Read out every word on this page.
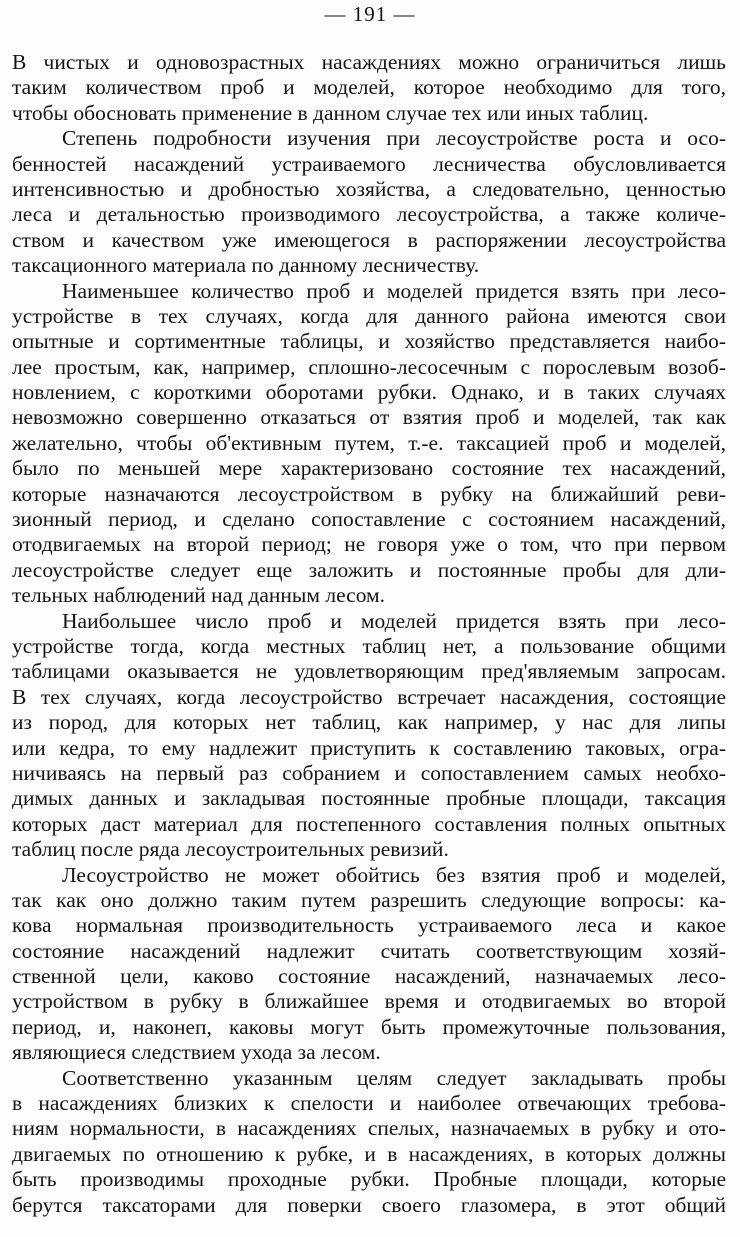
— 191 —
В чистых и одновозрастных насаждениях можно ограничиться лишь
таким количеством проб и моделей, которое необходимо для того,
чтобы обосновать применение в данном случае тех или иных таблиц.
Степень подробности изучения при лесоустройстве роста и осо-
бенностей насаждений устраиваемого лесничества обусловливается
интенсивностью и дробностью хозяйства, а следовательно, ценностью
леса и детальностью производимого лесоустройства, а также количе-
ством и качеством уже имеющегося в распоряжении лесоустройства
таксационного материала по данному лесничеству.
Наименьшее количество проб и моделей придется взять при лесо-
устройстве в тех случаях, когда для данного района имеются свои
опытные и сортиментные таблицы, и хозяйство представляется наибо-
лее простым, как, например, сплошно-лесосечным с порослевым возоб-
новлением, с короткими оборотами рубки. Однако, и в таких случаях
невозможно совершенно отказаться от взятия проб и моделей, так как
желательно, чтобы об'ективным путем, т.-е. таксацией проб и моделей,
было по меньшей мере характеризовано состояние тех насаждений,
которые назначаются лесоустройством в рубку на ближайший реви-
зионный период, и сделано сопоставление с состоянием насаждений,
отодвигаемых на второй период; не говоря уже о том, что при первом
лесоустройстве следует еще заложить и постоянные пробы для дли-
тельных наблюдений над данным лесом.
Наибольшее число проб и моделей придется взять при лесо-
устройстве тогда, когда местных таблиц нет, а пользование общими
таблицами оказывается не удовлетворяющим пред'являемым запросам.
В тех случаях, когда лесоустройство встречает насаждения, состоящие
из пород, для которых нет таблиц, как например, у нас для липы
или кедра, то ему надлежит приступить к составлению таковых, огра-
ничиваясь на первый раз собранием и сопоставлением самых необхо-
димых данных и закладывая постоянные пробные площади, таксация
которых даст материал для постепенного составления полных опытных
таблиц после ряда лесоустроительных ревизий.
Лесоустройство не может обойтись без взятия проб и моделей,
так как оно должно таким путем разрешить следующие вопросы: ка-
кова нормальная производительность устраиваемого леса и какое
состояние насаждений надлежит считать соответствующим хозяй-
ственной цели, каково состояние насаждений, назначаемых лесо-
устройством в рубку в ближайшее время и отодвигаемых во второй
период, и, наконеп, каковы могут быть промежуточные пользования,
являющиеся следствием ухода за лесом.
Соответственно указанным целям следует закладывать пробы
в насаждениях близких к спелости и наиболее отвечающих требова-
ниям нормальности, в насаждениях спелых, назначаемых в рубку и ото-
двигаемых по отношению к рубке, и в насаждениях, в которых должны
быть производимы проходные рубки. Пробные площади, которые
берутся таксаторами для поверки своего глазомера, в этот общий
